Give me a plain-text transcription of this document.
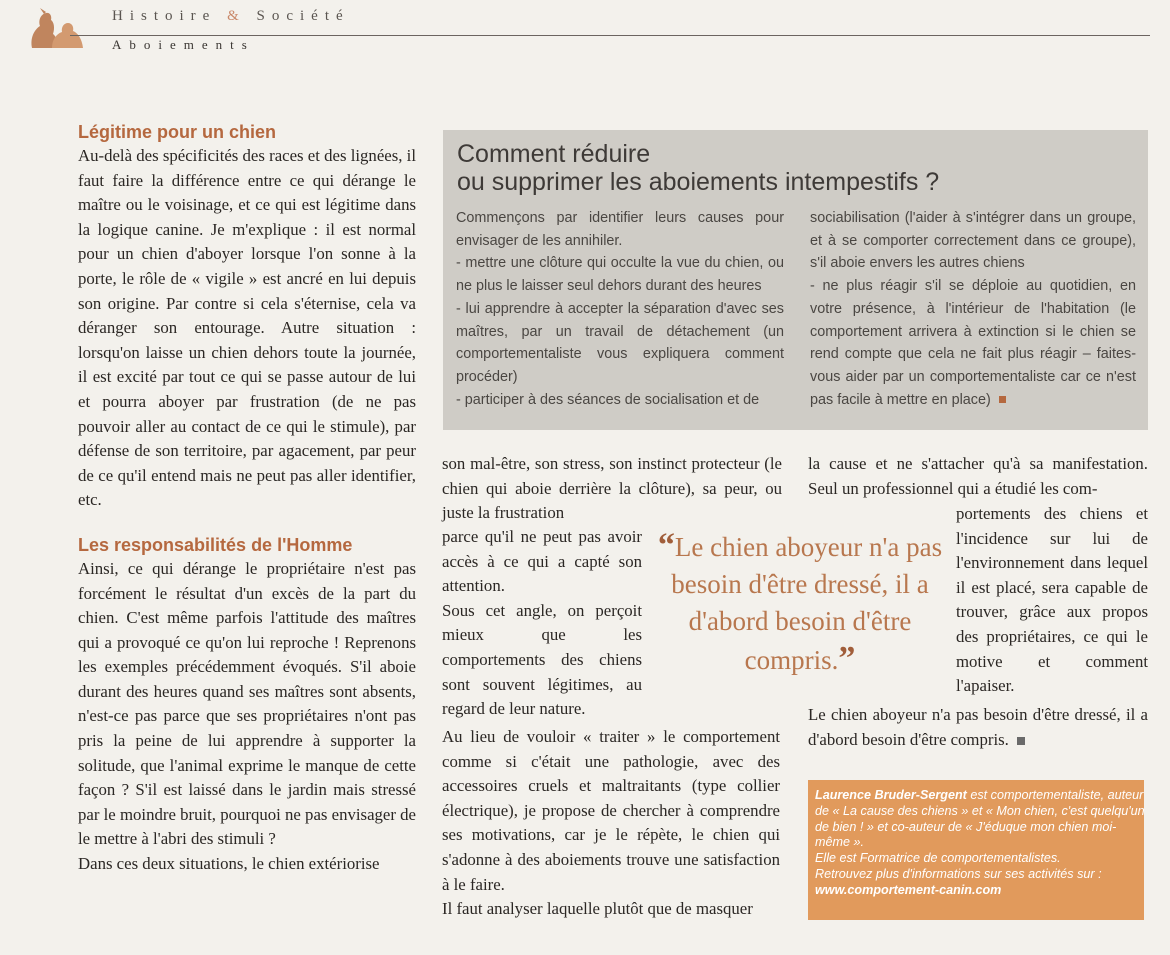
Histoire & Société
Aboiements
Légitime pour un chien

Au-delà des spécificités des races et des lignées, il faut faire la différence entre ce qui dérange le maître ou le voisinage, et ce qui est légitime dans la logique canine. Je m'explique : il est normal pour un chien d'aboyer lorsque l'on sonne à la porte, le rôle de « vigile » est ancré en lui depuis son origine. Par contre si cela s'éternise, cela va déranger son entourage. Autre situation : lorsqu'on laisse un chien dehors toute la journée, il est excité par tout ce qui se passe autour de lui et pourra aboyer par frustration (de ne pas pouvoir aller au contact de ce qui le stimule), par défense de son territoire, par agacement, par peur de ce qu'il entend mais ne peut pas aller identifier, etc.

Les responsabilités de l'Homme

Ainsi, ce qui dérange le propriétaire n'est pas forcément le résultat d'un excès de la part du chien. C'est même parfois l'attitude des maîtres qui a provoqué ce qu'on lui reproche ! Reprenons les exemples précédemment évoqués. S'il aboie durant des heures quand ses maîtres sont absents, n'est-ce pas parce que ses propriétaires n'ont pas pris la peine de lui apprendre à supporter la solitude, que l'animal exprime le manque de cette façon ? S'il est laissé dans le jardin mais stressé par le moindre bruit, pourquoi ne pas envisager de le mettre à l'abri des stimuli ?

Dans ces deux situations, le chien extériorise

Comment réduire
ou supprimer les aboiements intempestifs ?

Commençons par identifier leurs causes pour envisager de les annihiler.

- mettre une clôture qui occulte la vue du chien, ou ne plus le laisser seul dehors durant des heures

- lui apprendre à accepter la séparation d'avec ses maîtres, par un travail de détachement (un comportementaliste vous expliquera comment procéder)

- participer à des séances de socialisation et de

sociabilisation (l'aider à s'intégrer dans un groupe, et à se comporter correctement dans ce groupe), s'il aboie envers les autres chiens

- ne plus réagir s'il se déploie au quotidien, en votre présence, à l'intérieur de l'habitation (le comportement arrivera à extinction si le chien se rend compte que cela ne fait plus réagir – faites-vous aider par un comportementaliste car ce n'est pas facile à mettre en place)

son mal-être, son stress, son instinct protecteur (le chien qui aboie derrière la clôture), sa peur, ou juste la frustration

parce qu'il ne peut pas avoir accès à ce qui a capté son attention.

Sous cet angle, on perçoit mieux que les comportements des chiens sont souvent légitimes, au regard de leur nature.

Au lieu de vouloir « traiter » le comportement comme si c'était une pathologie, avec des accessoires cruels et maltraitants (type collier électrique), je propose de chercher à comprendre ses motivations, car je le répète, le chien qui s'adonne à des aboiements trouve une satisfaction à le faire.

Il faut analyser laquelle plutôt que de masquer

“Le chien aboyeur n'a pas besoin d'être dressé, il a d'abord besoin d'être compris.”

la cause et ne s'attacher qu'à sa manifestation. Seul un professionnel qui a étudié les com-

portements des chiens et l'incidence sur lui de l'environnement dans lequel il est placé, sera capable de trouver, grâce aux propos des propriétaires, ce qui le motive et comment l'apaiser.

Le chien aboyeur n'a pas besoin d'être dressé, il a d'abord besoin d'être compris.

Laurence Bruder-Sergent est comportementaliste, auteur de « La cause des chiens » et « Mon chien, c'est quelqu'un de bien ! » et co-auteur de « J'éduque mon chien moi-même ».
Elle est Formatrice de comportementalistes.
Retrouvez plus d'informations sur ses activités sur : www.comportement-canin.com
